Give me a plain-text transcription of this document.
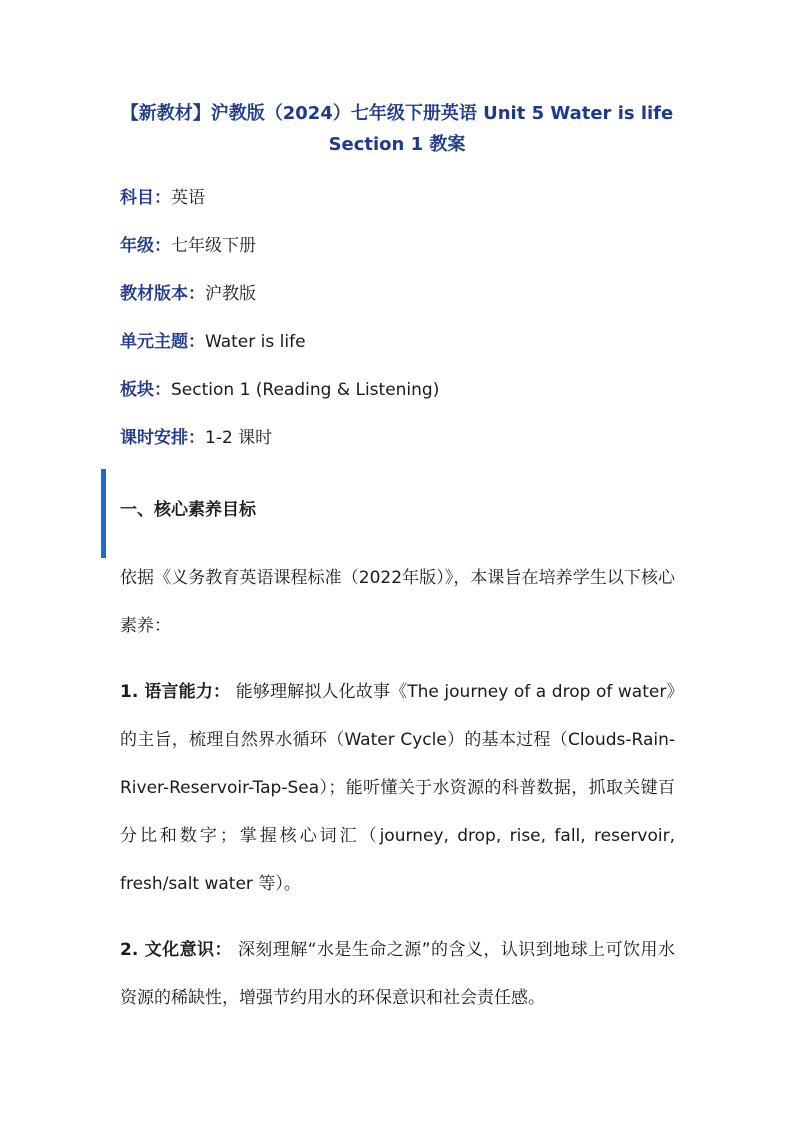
【新教材】沪教版（2024）七年级下册英语 Unit 5 Water is life
Section 1 教案
科目：英语
年级：七年级下册
教材版本：沪教版
单元主题：Water is life
板块：Section 1 (Reading & Listening)
课时安排：1-2 课时
一、核心素养目标
依据《义务教育英语课程标准（2022年版）》，本课旨在培养学生以下核心素养：
1. 语言能力： 能够理解拟人化故事《The journey of a drop of water》的主旨，梳理自然界水循环（Water Cycle）的基本过程（Clouds-Rain-River-Reservoir-Tap-Sea）；能听懂关于水资源的科普数据，抓取关键百分比和数字；掌握核心词汇（journey, drop, rise, fall, reservoir, fresh/salt water 等）。
2. 文化意识： 深刻理解“水是生命之源”的含义，认识到地球上可饮用水资源的稀缺性，增强节约用水的环保意识和社会责任感。
